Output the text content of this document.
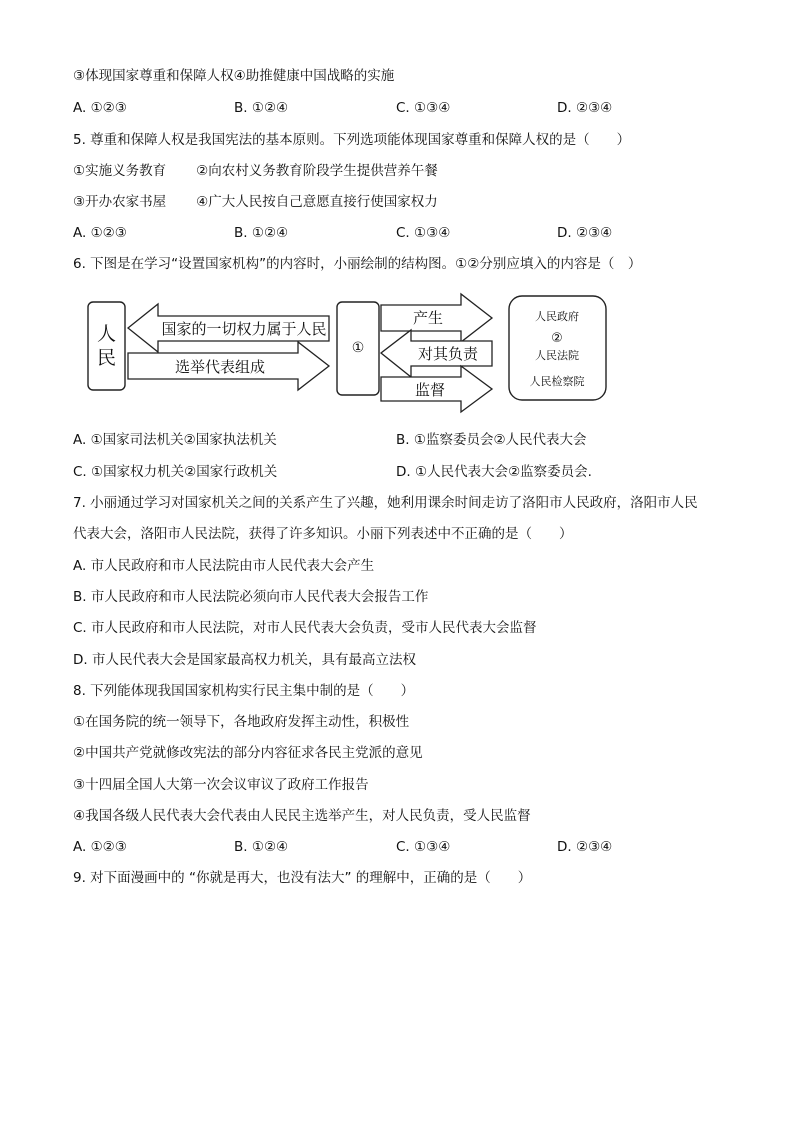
③体现国家尊重和保障人权④助推健康中国战略的实施
A. ①②③	B. ①②④	C. ①③④	D. ②③④
5. 尊重和保障人权是我国宪法的基本原则。下列选项能体现国家尊重和保障人权的是（　　）
①实施义务教育 ②向农村义务教育阶段学生提供营养午餐
③开办农家书屋 ④广大人民按自己意愿直接行使国家权力
A. ①②③	B. ①②④	C. ①③④	D. ②③④
6. 下图是在学习“设置国家机构”的内容时，小丽绘制的结构图。①②分别应填入的内容是（　）
人
民
国家的一切权力属于人民
选举代表组成
①
产生
对其负责
监督
人民政府
②
人民法院
人民检察院
A. ①国家司法机关②国家执法机关	B. ①监察委员会②人民代表大会
C. ①国家权力机关②国家行政机关	D. ①人民代表大会②监察委员会.
7. 小丽通过学习对国家机关之间的关系产生了兴趣，她利用课余时间走访了洛阳市人民政府，洛阳市人民
代表大会，洛阳市人民法院，获得了许多知识。小丽下列表述中不正确的是（　　）
A. 市人民政府和市人民法院由市人民代表大会产生
B. 市人民政府和市人民法院必须向市人民代表大会报告工作
C. 市人民政府和市人民法院，对市人民代表大会负责，受市人民代表大会监督
D. 市人民代表大会是国家最高权力机关，具有最高立法权
8. 下列能体现我国国家机构实行民主集中制的是（　　）
①在国务院的统一领导下，各地政府发挥主动性，积极性
②中国共产党就修改宪法的部分内容征求各民主党派的意见
③十四届全国人大第一次会议审议了政府工作报告
④我国各级人民代表大会代表由人民民主选举产生，对人民负责，受人民监督
A. ①②③	B. ①②④	C. ①③④	D. ②③④
9. 对下面漫画中的 “你就是再大，也没有法大” 的理解中，正确的是（　　）
